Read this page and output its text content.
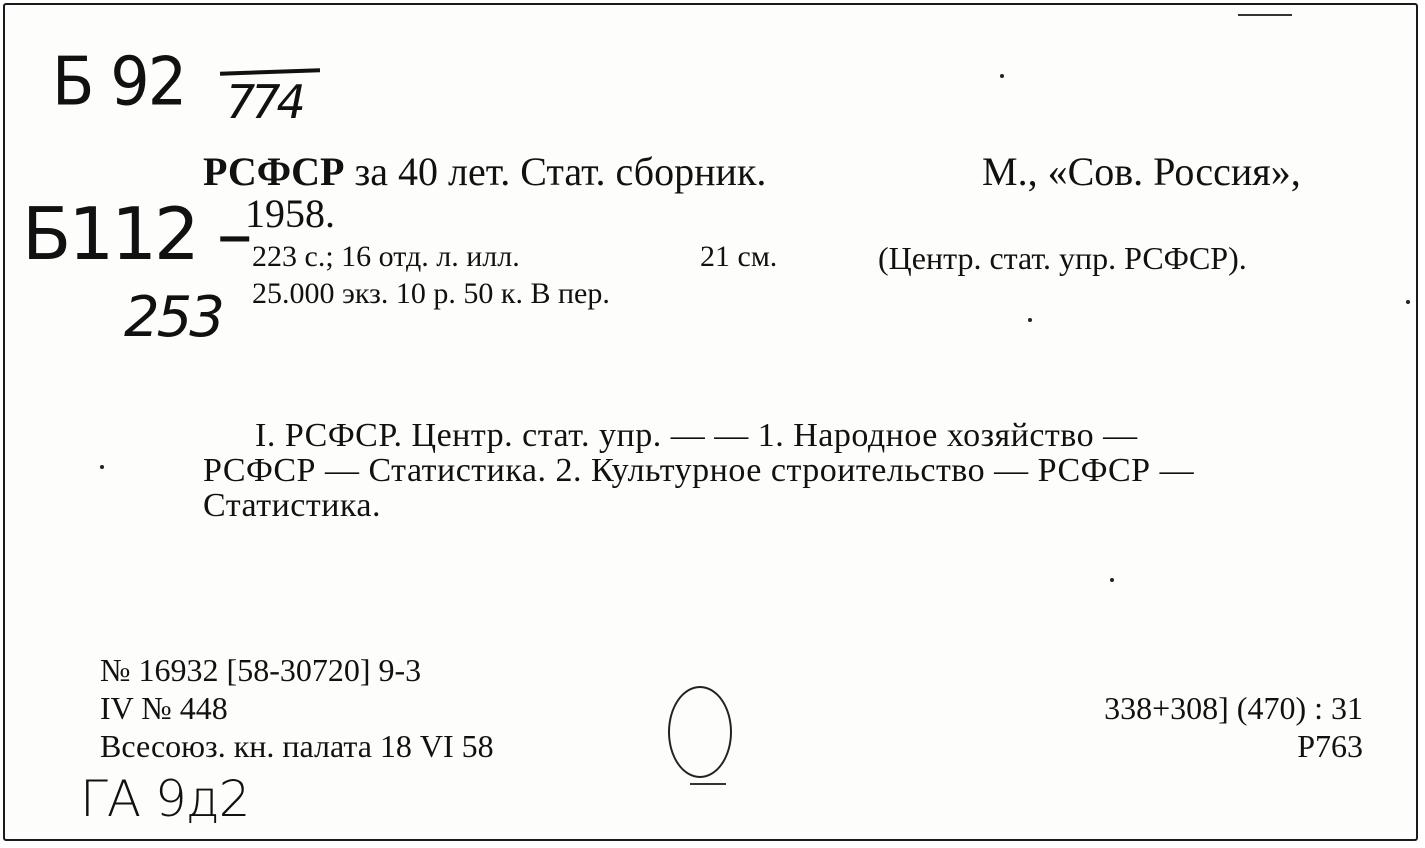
Б 92 774
Б112 –
253
ГА 9д2
РСФСР за 40 лет. Стат. сборник.	М., «Сов. Россия»,
1958.
223 с.; 16 отд. л. илл.	21 см.	(Центр. стат. упр. РСФСР).
25.000 экз. 10 р. 50 к. В пер.
I. РСФСР. Центр. стат. упр. — — 1. Народное хозяйство —
РСФСР — Статистика. 2. Культурное строительство — РСФСР —
Статистика.
№ 16932 [58-30720] 9-3
IV № 448
Всесоюз. кн. палата 18 VI 58
338+308] (470) : 31
Р763
